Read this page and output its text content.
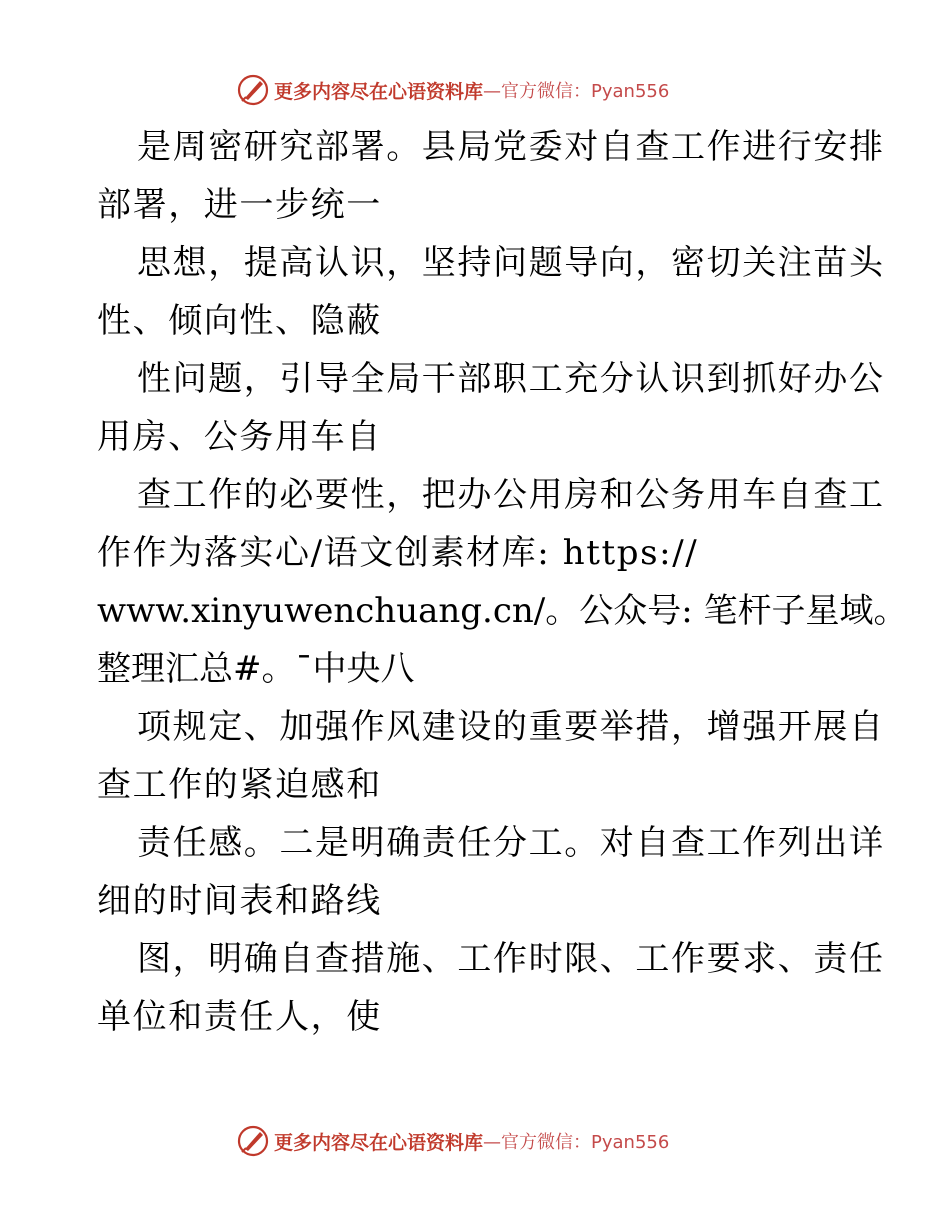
更多内容尽在心语资料库 —官方微信：Pyan556
是周密研究部署。县局党委对自查工作进行安排
部署，进一步统一
思想，提高认识，坚持问题导向，密切关注苗头
性、倾向性、隐蔽
性问题，引导全局干部职工充分认识到抓好办公
用房、公务用车自
查工作的必要性，把办公用房和公务用车自查工
作作为落实心/语文创素材库: https://
www.xinyuwenchuang.cn/。公众号: 笔杆子星域。
整理汇总#。¯中央八
项规定、加强作风建设的重要举措，增强开展自
查工作的紧迫感和
责任感。二是明确责任分工。对自查工作列出详
细的时间表和路线
图，明确自查措施、工作时限、工作要求、责任
单位和责任人，使
更多内容尽在心语资料库 —官方微信：Pyan556
